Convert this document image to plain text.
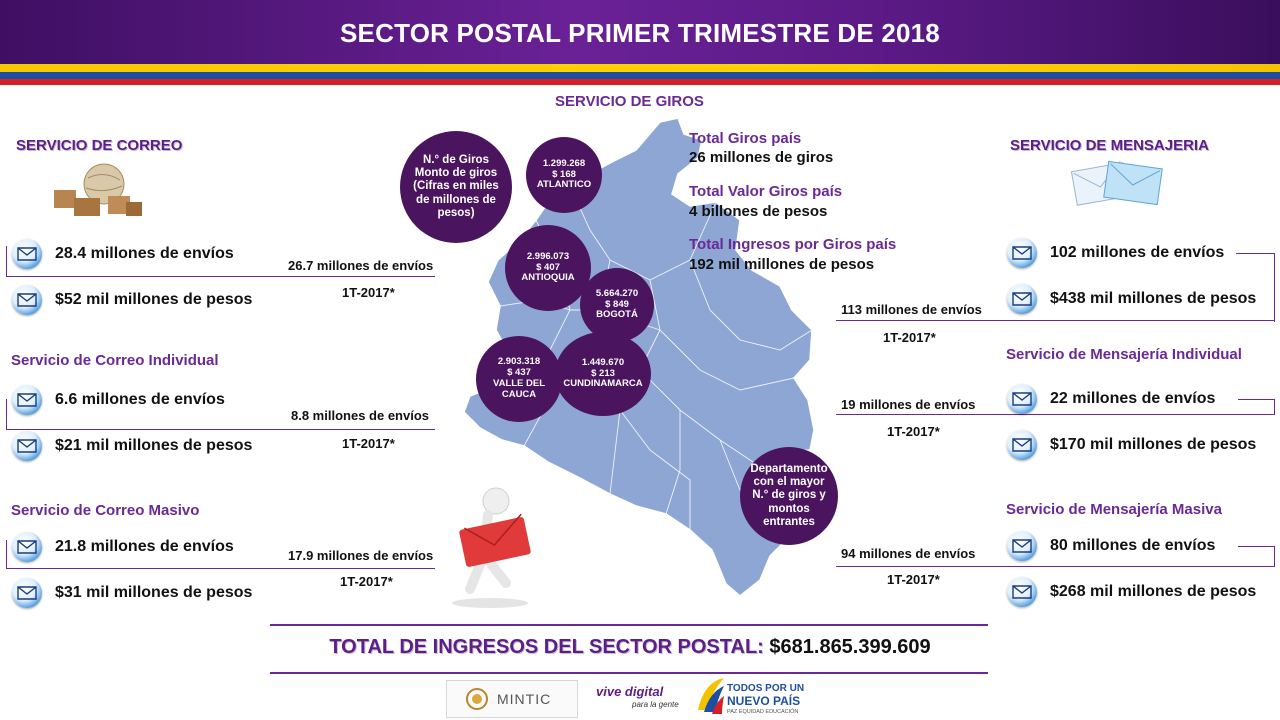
SECTOR POSTAL PRIMER TRIMESTRE DE 2018
SERVICIO DE GIROS
N.° de Giros Monto de giros (Cifras en miles de millones de pesos)
1.299.268
$ 168
ATLANTICO
2.996.073
$ 407
ANTIOQUIA
5.664.270
$ 849
BOGOTÁ
2.903.318
$ 437
VALLE DEL CAUCA
1.449.670
$ 213
CUNDINAMARCA
Departamento con el mayor N.° de giros y montos entrantes
Total Giros país
26 millones de giros
Total Valor Giros país
4 billones de pesos
Total Ingresos por Giros país
192 mil millones de pesos
SERVICIO DE CORREO
28.4 millones de envíos
26.7 millones de envíos
1T-2017*
$52 mil millones de pesos
Servicio de Correo Individual
6.6 millones de envíos
8.8 millones de envíos
1T-2017*
$21 mil millones de pesos
Servicio de Correo Masivo
21.8 millones de envíos
17.9 millones de envíos
1T-2017*
$31 mil millones de pesos
SERVICIO DE MENSAJERIA
102 millones de envíos
113 millones de envíos
1T-2017*
$438 mil millones de pesos
Servicio de Mensajería Individual
22 millones de envíos
19 millones de envíos
1T-2017*
$170 mil millones de pesos
Servicio de Mensajería Masiva
80 millones de envíos
94 millones de envíos
1T-2017*
$268 mil millones de pesos
TOTAL DE INGRESOS DEL SECTOR POSTAL: $681.865.399.609
MINTIC	vive digital
para la gente
TODOS POR UN
NUEVO PAÍS
PAZ EQUIDAD EDUCACIÓN
